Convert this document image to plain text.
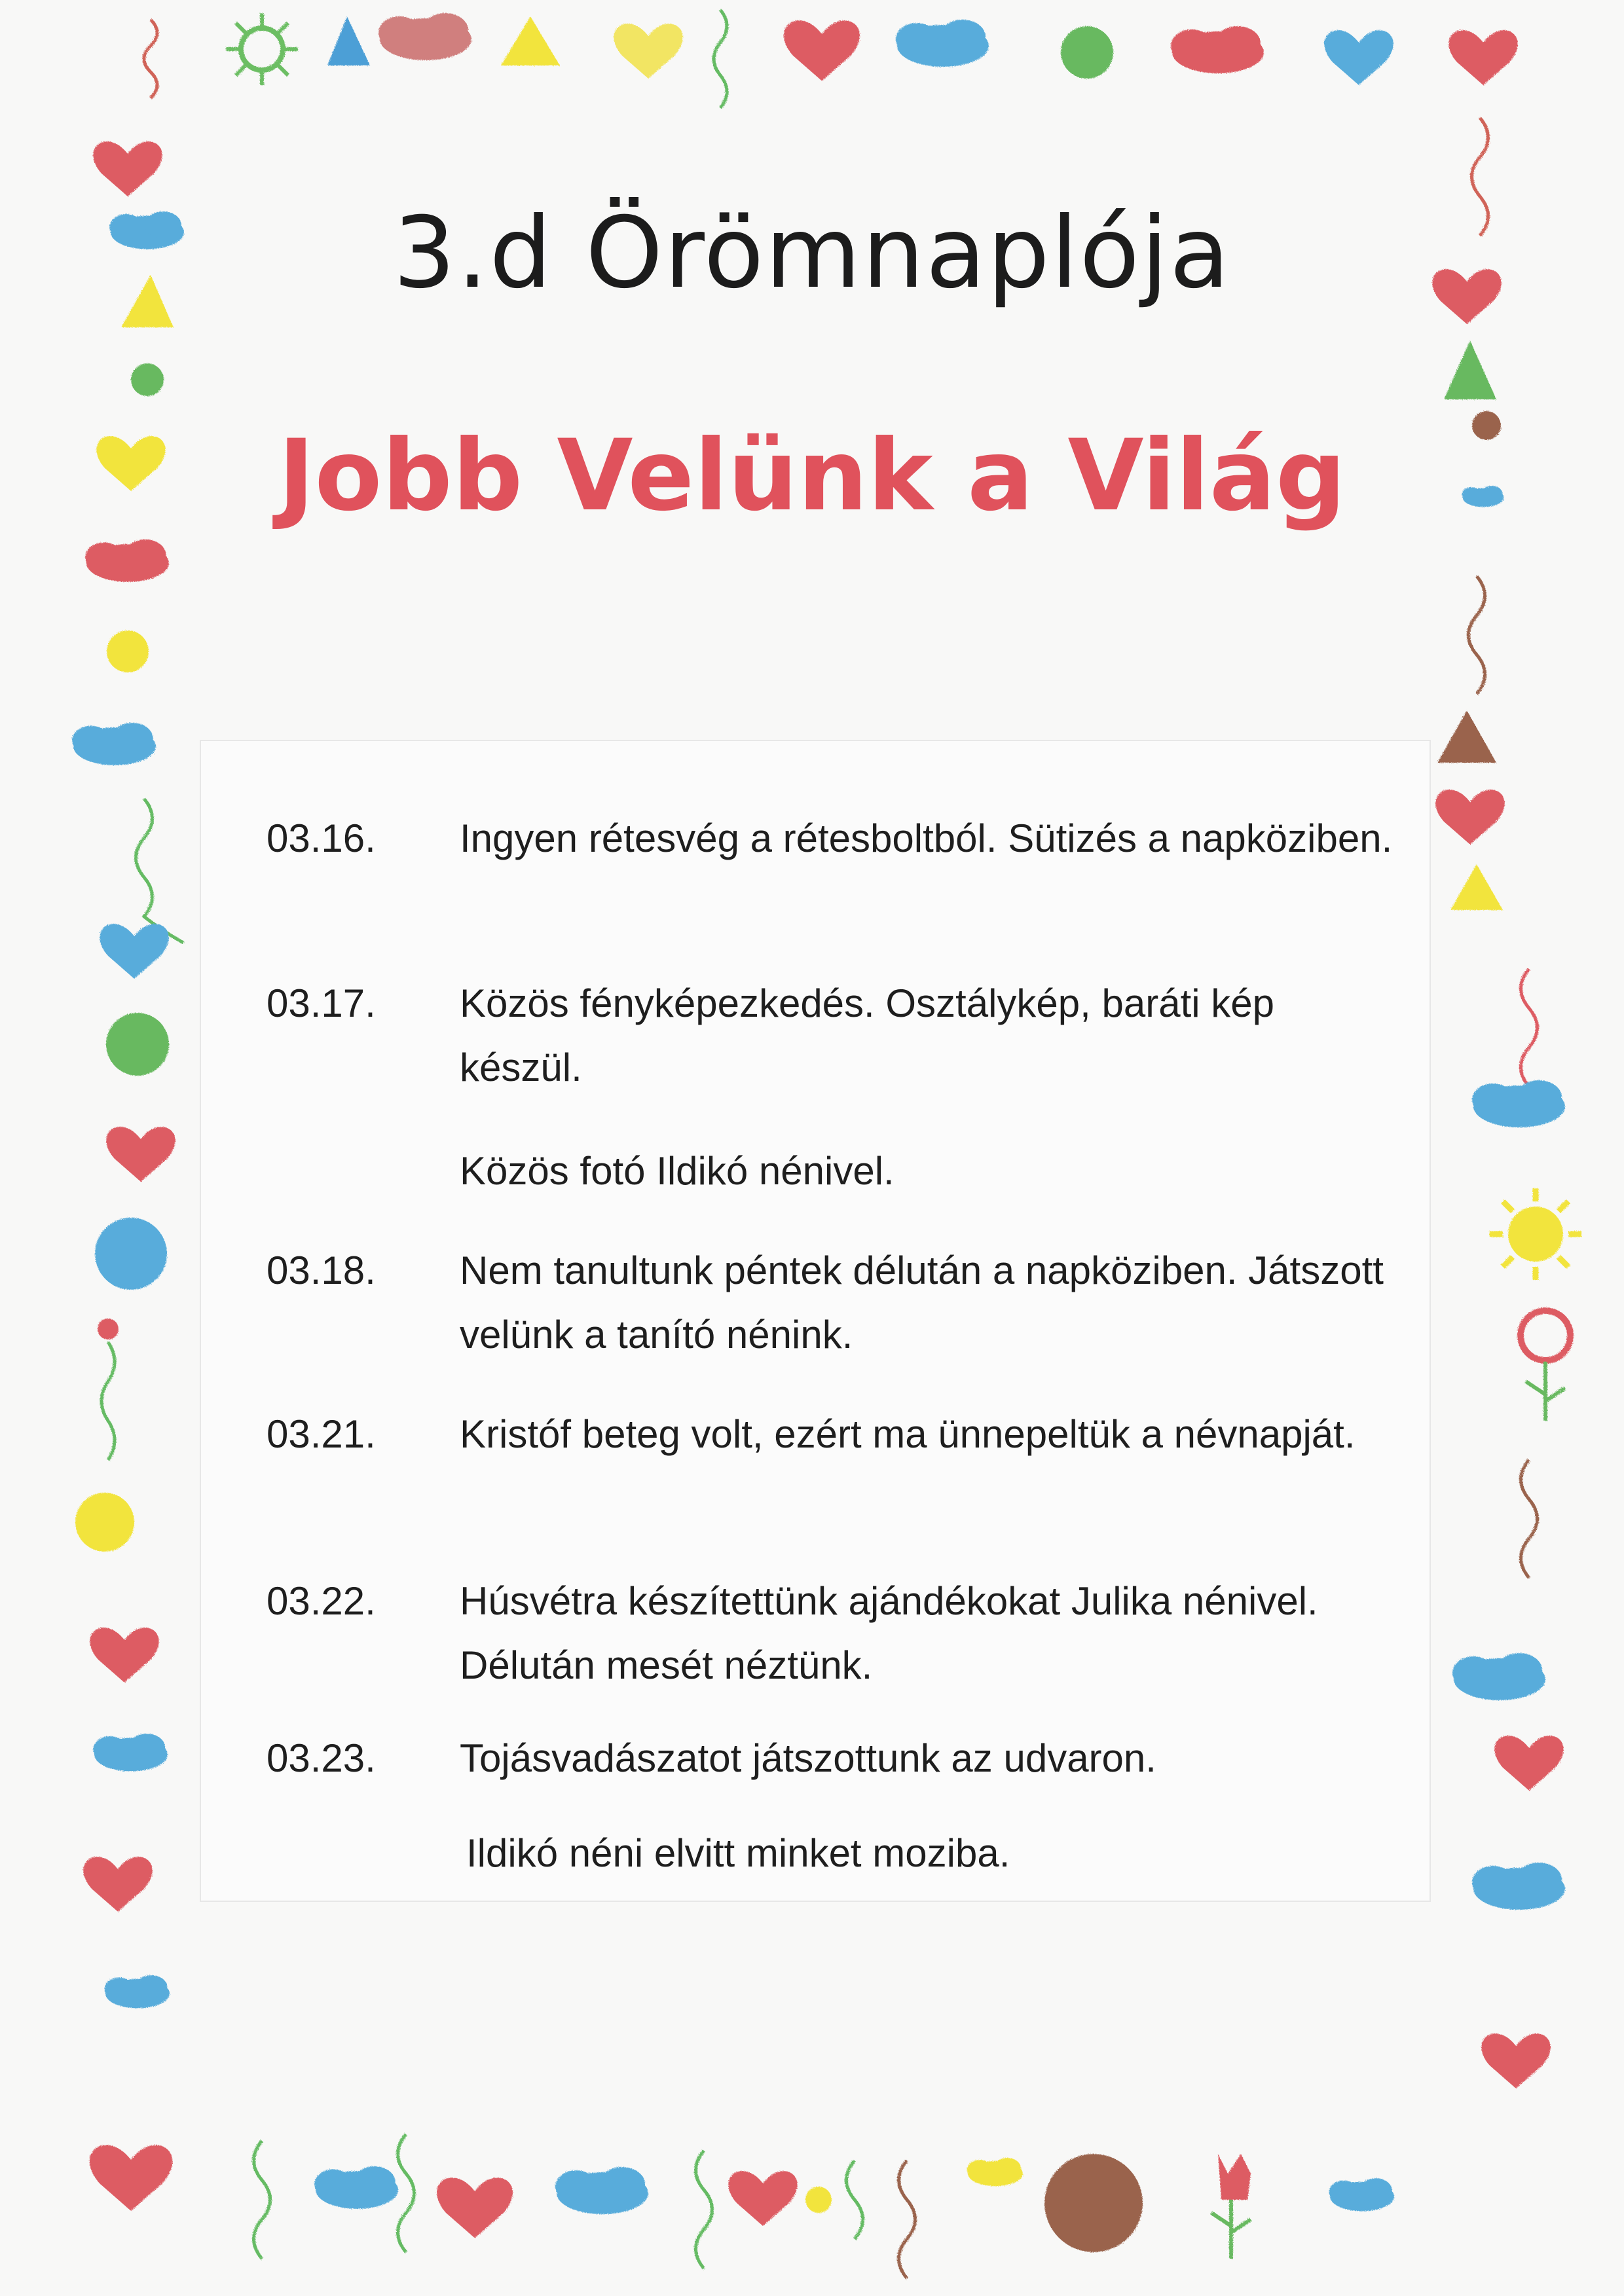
3.d Örömnaplója
Jobb Velünk a Világ
03.16.	Ingyen rétesvég a rétesboltból. Sütizés a napköziben.
03.17.	Közös fényképezkedés. Osztálykép, baráti kép készül.
Közös fotó Ildikó nénivel.
03.18.	Nem tanultunk péntek délután a napköziben. Játszott velünk a tanító nénink.
03.21.	Kristóf beteg volt, ezért ma ünnepeltük a névnapját.
03.22.	Húsvétra készítettünk ajándékokat Julika nénivel. Délután mesét néztünk.
03.23.	Tojásvadászatot játszottunk az udvaron.
Ildikó néni elvitt minket moziba.
